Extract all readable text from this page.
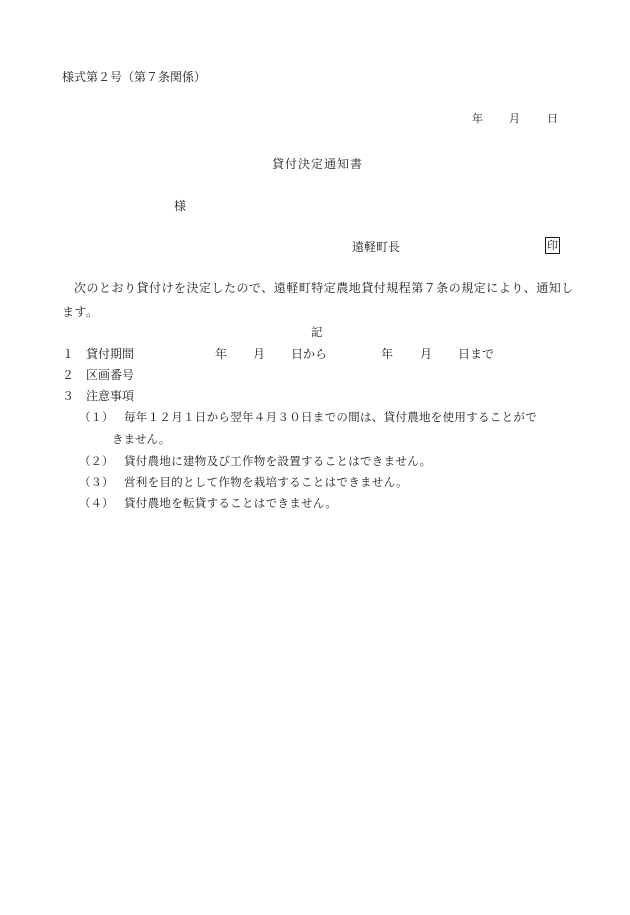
様式第２号（第７条関係）
年 月 日
貸付決定通知書
様
遠軽町長	印
次のとおり貸付けを決定したので、遠軽町特定農地貸付規程第７条の規定により、通知します。
記
１ 貸付期間	年 月 日から	年 月 日まで
２ 区画番号
３ 注意事項
（１） 毎年１２月１日から翌年４月３０日までの間は、貸付農地を使用することがで
きません。
（２） 貸付農地に建物及び工作物を設置することはできません。
（３） 営利を目的として作物を栽培することはできません。
（４） 貸付農地を転貸することはできません。
